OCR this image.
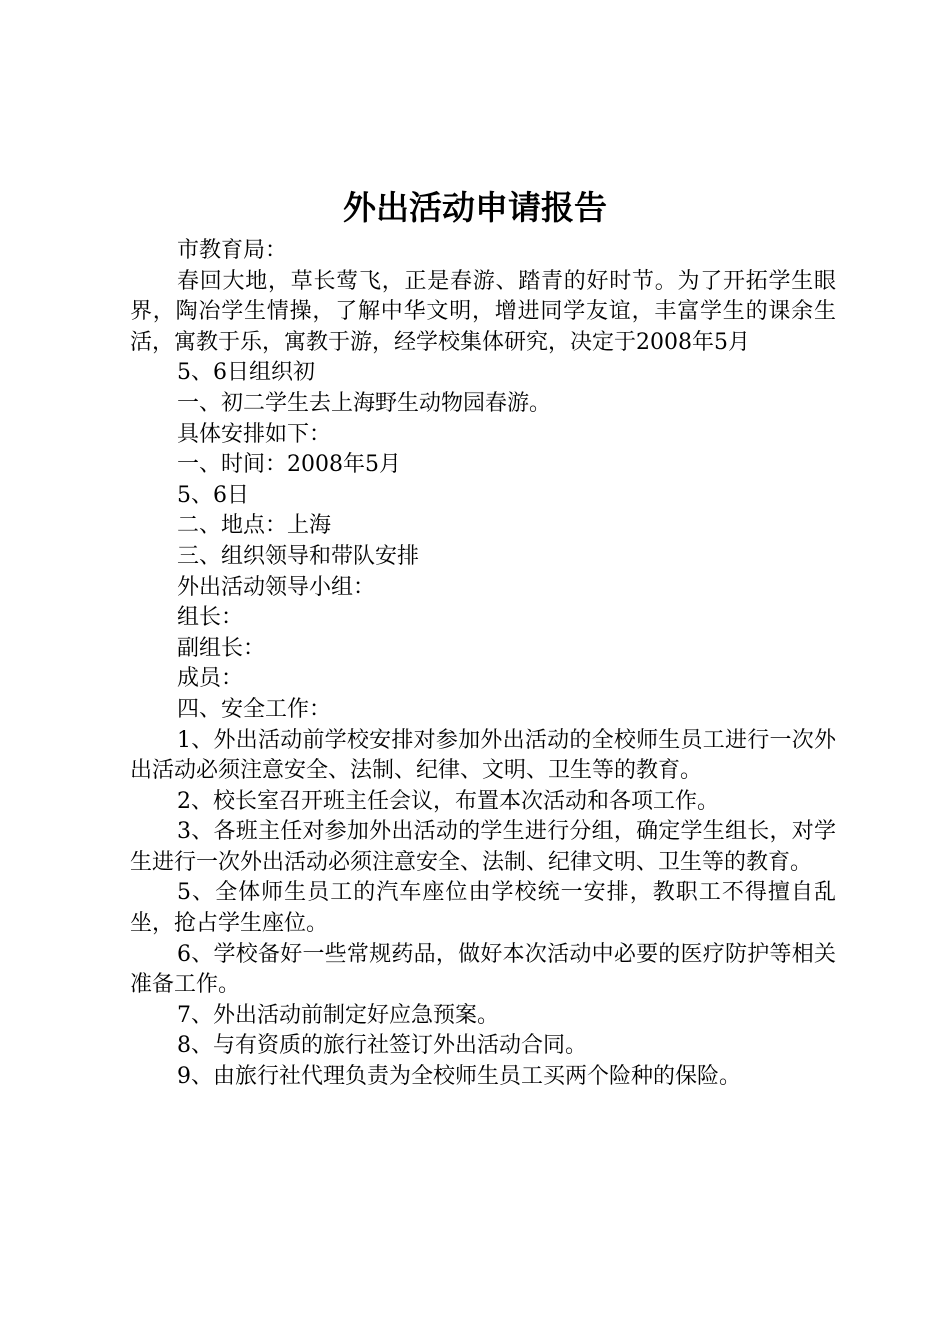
外出活动申请报告

市教育局：

春回大地，草长莺飞，正是春游、踏青的好时节。为了开拓学生眼界，陶冶学生情操，了解中华文明，增进同学友谊，丰富学生的课余生活，寓教于乐，寓教于游，经学校集体研究，决定于2008年5月

5、6日组织初

一、初二学生去上海野生动物园春游。

具体安排如下：

一、时间：2008年5月

5、6日

二、地点：上海

三、组织领导和带队安排

外出活动领导小组：

组长：

副组长：

成员：

四、安全工作：

1、外出活动前学校安排对参加外出活动的全校师生员工进行一次外出活动必须注意安全、法制、纪律、文明、卫生等的教育。

2、校长室召开班主任会议，布置本次活动和各项工作。

3、各班主任对参加外出活动的学生进行分组，确定学生组长，对学生进行一次外出活动必须注意安全、法制、纪律文明、卫生等的教育。

5、全体师生员工的汽车座位由学校统一安排，教职工不得擅自乱坐，抢占学生座位。

6、学校备好一些常规药品，做好本次活动中必要的医疗防护等相关准备工作。

7、外出活动前制定好应急预案。

8、与有资质的旅行社签订外出活动合同。

9、由旅行社代理负责为全校师生员工买两个险种的保险。
